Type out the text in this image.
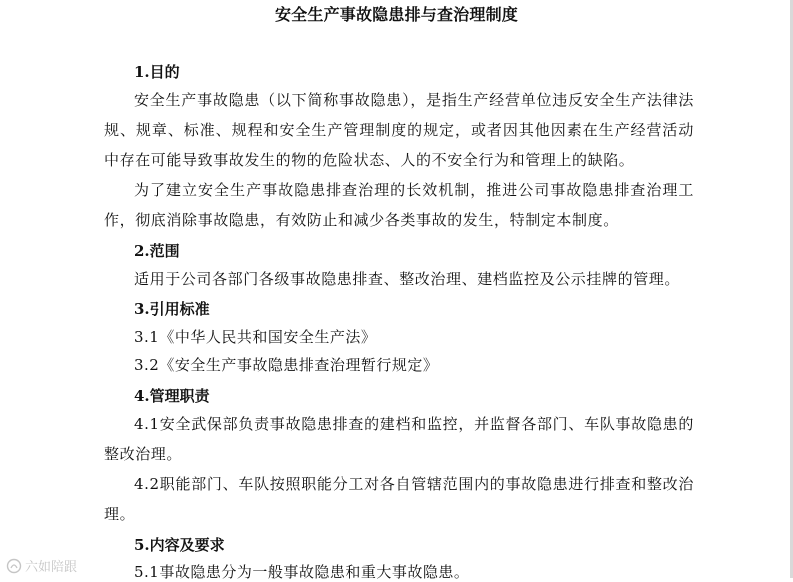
安全生产事故隐患排与查治理制度
1.目的
安全生产事故隐患（以下简称事故隐患），是指生产经营单位违反安全生产法律法规、规章、标准、规程和安全生产管理制度的规定，或者因其他因素在生产经营活动中存在可能导致事故发生的物的危险状态、人的不安全行为和管理上的缺陷。
为了建立安全生产事故隐患排查治理的长效机制，推进公司事故隐患排查治理工作，彻底消除事故隐患，有效防止和减少各类事故的发生，特制定本制度。
2.范围
适用于公司各部门各级事故隐患排查、整改治理、建档监控及公示挂牌的管理。
3.引用标准
3.1《中华人民共和国安全生产法》
3.2《安全生产事故隐患排查治理暂行规定》
4.管理职责
4.1安全武保部负责事故隐患排查的建档和监控，并监督各部门、车队事故隐患的整改治理。
4.2职能部门、车队按照职能分工对各自管辖范围内的事故隐患进行排查和整改治理。
5.内容及要求
5.1事故隐患分为一般事故隐患和重大事故隐患。
六如陪跟
